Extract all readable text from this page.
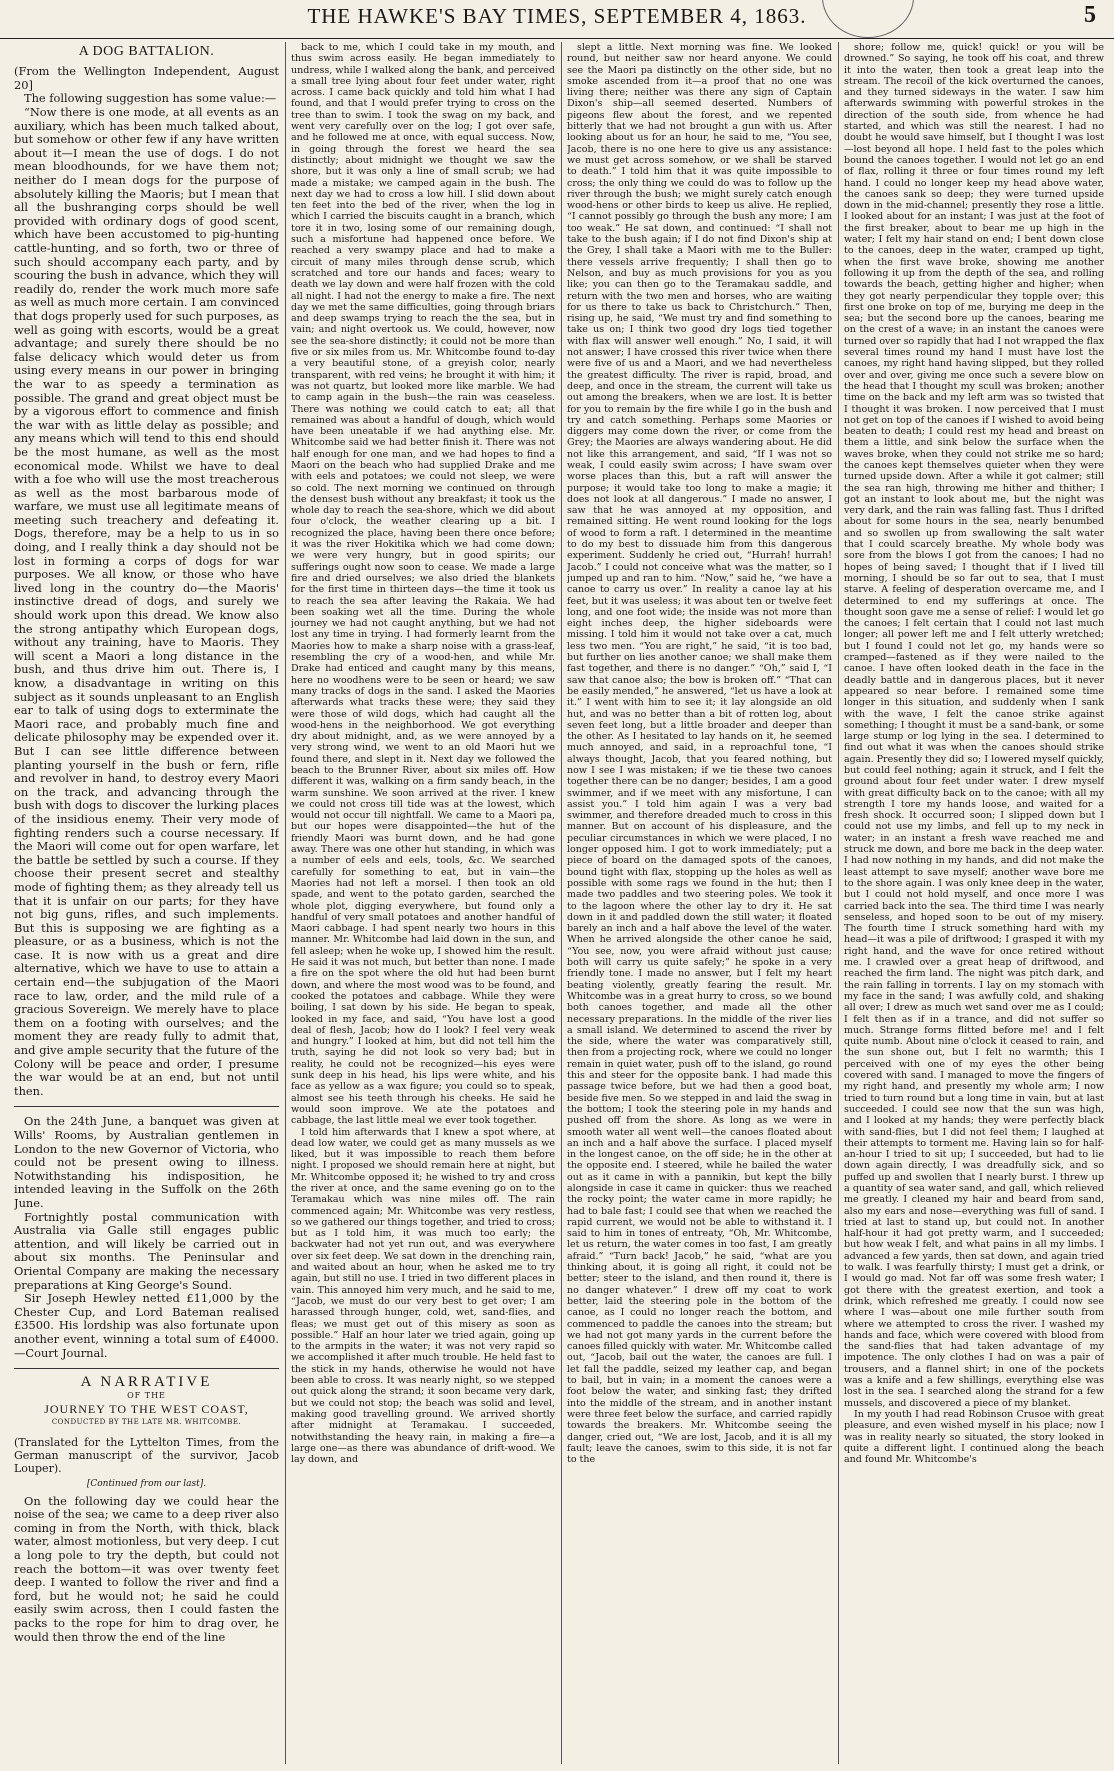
THE HAWKE'S BAY TIMES, SEPTEMBER 4, 1863.	5
A DOG BATTALION.

(From the Wellington Independent, August 20]

The following suggestion has some value:—

“Now there is one mode, at all events as an auxiliary, which has been much talked about, but somehow or other few if any have written about it—I mean the use of dogs. I do not mean bloodhounds, for we have them not; neither do I mean dogs for the purpose of absolutely killing the Maoris; but I mean that all the bushranging corps should be well provided with ordinary dogs of good scent, which have been accustomed to pig-hunting cattle-hunting, and so forth, two or three of such should accompany each party, and by scouring the bush in advance, which they will readily do, render the work much more safe as well as much more certain. I am convinced that dogs properly used for such purposes, as well as going with escorts, would be a great advantage; and surely there should be no false delicacy which would deter us from using every means in our power in bringing the war to as speedy a termination as possible. The grand and great object must be by a vigorous effort to commence and finish the war with as little delay as possible; and any means which will tend to this end should be the most humane, as well as the most economical mode. Whilst we have to deal with a foe who will use the most treacherous as well as the most barbarous mode of warfare, we must use all legitimate means of meeting such treachery and defeating it. Dogs, therefore, may be a help to us in so doing, and I really think a day should not be lost in forming a corps of dogs for war purposes. We all know, or those who have lived long in the country do—the Maoris' instinctive dread of dogs, and surely we should work upon this dread. We know also the strong antipathy which European dogs, without any training, have to Maoris. They will scent a Maori a long distance in the bush, and thus drive him out. There is, I know, a disadvantage in writing on this subject as it sounds unpleasant to an English ear to talk of using dogs to exterminate the Maori race, and probably much fine and delicate philosophy may be expended over it. But I can see little difference between planting yourself in the bush or fern, rifle and revolver in hand, to destroy every Maori on the track, and advancing through the bush with dogs to discover the lurking places of the insidious enemy. Their very mode of fighting renders such a course necessary. If the Maori will come out for open warfare, let the battle be settled by such a course. If they choose their present secret and stealthy mode of fighting them; as they already tell us that it is unfair on our parts; for they have not big guns, rifles, and such implements. But this is supposing we are fighting as a pleasure, or as a business, which is not the case. It is now with us a great and dire alternative, which we have to use to attain a certain end—the subjugation of the Maori race to law, order, and the mild rule of a gracious Sovereign. We merely have to place them on a footing with ourselves; and the moment they are ready fully to admit that, and give ample security that the future of the Colony will be peace and order, I presume the war would be at an end, but not until then.

On the 24th June, a banquet was given at Wills' Rooms, by Australian gentlemen in London to the new Governor of Victoria, who could not be present owing to illness. Notwithstanding his indisposition, he intended leaving in the Suffolk on the 26th June.

Fortnightly postal communication with Australia via Galle still engages public attention, and will likely be carried out in about six months. The Peninsular and Oriental Company are making the necessary preparations at King George's Sound.

Sir Joseph Hewley netted £11,000 by the Chester Cup, and Lord Bateman realised £3500. His lordship was also fortunate upon another event, winning a total sum of £4000.—Court Journal.

A NARRATIVE
OF THE
JOURNEY TO THE WEST COAST,
CONDUCTED BY THE LATE MR. WHITCOMBE.

(Translated for the Lyttelton Times, from the German manuscript of the survivor, Jacob Louper).

[Continued from our last].

On the following day we could hear the noise of the sea; we came to a deep river also coming in from the North, with thick, black water, almost motionless, but very deep. I cut a long pole to try the depth, but could not reach the bottom—it was over twenty feet deep. I wanted to follow the river and find a ford, but he would not; he said he could easily swim across, then I could fasten the packs to the rope for him to drag over, he would then throw the end of the line

back to me, which I could take in my mouth, and thus swim across easily. He began immediately to undress, while I walked along the bank, and perceived a small tree lying about four feet under water, right across. I came back quickly and told him what I had found, and that I would prefer trying to cross on the tree than to swim. I took the swag on my back, and went very carefully over on the log; I got over safe, and he followed me at once, with equal success. Now, in going through the forest we heard the sea distinctly; about midnight we thought we saw the shore, but it was only a line of small scrub; we had made a mistake; we camped again in the bush. The next day we had to cross a low hill. I slid down about ten feet into the bed of the river, when the log in which I carried the biscuits caught in a branch, which tore it in two, losing some of our remaining dough, such a misfortune had happened once before. We reached a very swampy place and had to make a circuit of many miles through dense scrub, which scratched and tore our hands and faces; weary to death we lay down and were half frozen with the cold all night. I had not the energy to make a fire. The next day we met the same difficulties, going through briars and deep swamps trying to reach the the sea, but in vain; and night overtook us. We could, however, now see the sea-shore distinctly; it could not be more than five or six miles from us. Mr. Whitcombe found to-day a very beautiful stone, of a greyish color, nearly transparent, with red veins; he brought it with him; it was not quartz, but looked more like marble. We had to camp again in the bush—the rain was ceaseless. There was nothing we could catch to eat; all that remained was about a handful of dough, which would have been uneatable if we had anything else. Mr. Whitcombe said we had better finish it. There was not half enough for one man, and we had hopes to find a Maori on the beach who had supplied Drake and me with eels and potatoes; we could not sleep, we were so cold. The next morning we continued on through the densest bush without any breakfast; it took us the whole day to reach the sea-shore, which we did about four o'clock, the weather clearing up a bit. I recognized the place, having been there once before; it was the river Hokitika which we had come down; we were very hungry, but in good spirits; our sufferings ought now soon to cease. We made a large fire and dried ourselves; we also dried the blankets for the first time in thirteen days—the time it took us to reach the sea after leaving the Rakaia. We had been soaking wet all the time. During the whole journey we had not caught anything, but we had not lost any time in trying. I had formerly learnt from the Maories how to make a sharp noise with a grass-leaf, resembling the cry of a wood-hen, and while Mr. Drake had enticed and caught many by this means, here no woodhens were to be seen or heard; we saw many tracks of dogs in the sand. I asked the Maories afterwards what tracks these were; they said they were those of wild dogs, which had caught all the wood-hens in the neighborhood. We got everything dry about midnight, and, as we were annoyed by a very strong wind, we went to an old Maori hut we found there, and slept in it. Next day we followed the beach to the Brunner River, about six miles off. How different it was, walking on a firm sandy beach, in the warm sunshine. We soon arrived at the river. I knew we could not cross till tide was at the lowest, which would not occur till nightfall. We came to a Maori pa, but our hopes were disappointed—the hut of the friendly Maori was burnt down, and he had gone away. There was one other hut standing, in which was a number of eels and eels, tools, &c. We searched carefully for something to eat, but in vain—the Maories had not left a morsel. I then took an old spade, and went to the potato garden, searched the whole plot, digging everywhere, but found only a handful of very small potatoes and another handful of Maori cabbage. I had spent nearly two hours in this manner. Mr. Whitcombe had laid down in the sun, and fell asleep; when he woke up, I showed him the result. He said it was not much, but better than none. I made a fire on the spot where the old hut had been burnt down, and where the most wood was to be found, and cooked the potatoes and cabbage. While they were boiling, I sat down by his side. He began to speak, looked in my face, and said, “You have lost a good deal of flesh, Jacob; how do I look? I feel very weak and hungry.” I looked at him, but did not tell him the truth, saying he did not look so very bad; but in reality, he could not be recognized—his eyes were sunk deep in his head, his lips were white, and his face as yellow as a wax figure; you could so to speak, almost see his teeth through his cheeks. He said he would soon improve. We ate the potatoes and cabbage, the last little meal we ever took together.

I told him afterwards that I knew a spot where, at dead low water, we could get as many mussels as we liked, but it was impossible to reach them before night. I proposed we should remain here at night, but Mr. Whitcombe opposed it; he wished to try and cross the river at once, and the same evening go on to the Teramakau which was nine miles off. The rain commenced again; Mr. Whitcombe was very restless, so we gathered our things together, and tried to cross; but as I told him, it was much too early; the backwater had not yet run out, and was everywhere over six feet deep. We sat down in the drenching rain, and waited about an hour, when he asked me to try again, but still no use. I tried in two different places in vain. This annoyed him very much, and he said to me, “Jacob, we must do our very best to get over; I am harassed through hunger, cold, wet, sand-flies, and fleas; we must get out of this misery as soon as possible.” Half an hour later we tried again, going up to the armpits in the water; it was not very rapid so we accomplished it after much trouble. He held fast to the stick in my hands, otherwise he would not have been able to cross. It was nearly night, so we stepped out quick along the strand; it soon became very dark, but we could not stop; the beach was solid and level, making good travelling ground. We arrived shortly after midnight at Teramakau. I succeeded, notwithstanding the heavy rain, in making a fire—a large one—as there was abundance of drift-wood. We lay down, and

slept a little. Next morning was fine. We looked round, but neither saw nor heard anyone. We could see the Maori pa distinctly on the other side, but no smoke ascended from it—a proof that no one was living there; neither was there any sign of Captain Dixon's ship—all seemed deserted. Numbers of pigeons flew about the forest, and we repented bitterly that we had not brought a gun with us. After looking about us for an hour, he said to me, “You see, Jacob, there is no one here to give us any assistance: we must get across somehow, or we shall be starved to death.” I told him that it was quite impossible to cross; the only thing we could do was to follow up the river through the bush; we might surely catch enough wood-hens or other birds to keep us alive. He replied, “I cannot possibly go through the bush any more; I am too weak.” He sat down, and continued: “I shall not take to the bush again; if I do not find Dixon's ship at the Grey, I shall take a Maori with me to the Buller: there vessels arrive frequently; I shall then go to Nelson, and buy as much provisions for you as you like; you can then go to the Teramakau saddle, and return with the two men and horses, who are waiting for us there to take us back to Christchurch.” Then, rising up, he said, “We must try and find something to take us on; I think two good dry logs tied together with flax will answer well enough.” No, I said, it will not answer; I have crossed this river twice when there were five of us and a Maori, and we had nevertheless the greatest difficulty. The river is rapid, broad, and deep, and once in the stream, the current will take us out among the breakers, when we are lost. It is better for you to remain by the fire while I go in the bush and try and catch something. Perhaps some Maories or diggers may come down the river, or come from the Grey; the Maories are always wandering about. He did not like this arrangement, and said, “If I was not so weak, I could easily swim across; I have swam over worse places than this, but a raft will answer the purpose; it would take too long to make a magie; it does not look at all dangerous.” I made no answer, I saw that he was annoyed at my opposition, and remained sitting. He went round looking for the logs of wood to form a raft. I determined in the meantime to do my best to dissuade him from this dangerous experiment. Suddenly he cried out, “Hurrah! hurrah! Jacob.” I could not conceive what was the matter, so I jumped up and ran to him. “Now,” said he, “we have a canoe to carry us over.” In reality a canoe lay at his feet, but it was useless; it was about ten or twelve feet long, and one foot wide; the inside was not more than eight inches deep, the higher sideboards were missing. I told him it would not take over a cat, much less two men. “You are right,” he said, “it is too bad, but further on lies another canoe; we shall make them fast together, and there is no danger.” “Oh,” said I, “I saw that canoe also; the bow is broken off.” “That can be easily mended,” he answered, “let us have a look at it.” I went with him to see it; it lay alongside an old hut, and was no better than a bit of rotten log, about seven feet long, but a little broader and deeper than the other. As I hesitated to lay hands on it, he seemed much annoyed, and said, in a reproachful tone, “I always thought, Jacob, that you feared nothing, but now I see I was mistaken; if we tie these two canoes together there can be no danger; besides, I am a good swimmer, and if we meet with any misfortune, I can assist you.” I told him again I was a very bad swimmer, and therefore dreaded much to cross in this manner. But on account of his displeasure, and the peculiar circumstances in which we were placed, I no longer opposed him. I got to work immediately; put a piece of board on the damaged spots of the canoes, bound tight with flax, stopping up the holes as well as possible with some rags we found in the hut; then I made two paddles and two steering poles. We took it to the lagoon where the other lay to dry it. He sat down in it and paddled down the still water; it floated barely an inch and a half above the level of the water. When he arrived alongside the other canoe he said, “You see, now, you were afraid without just cause; both will carry us quite safely;” he spoke in a very friendly tone. I made no answer, but I felt my heart beating violently, greatly fearing the result. Mr. Whitcombe was in a great hurry to cross, so we bound both canoes together, and made all the other necessary preparations. In the middle of the river lies a small island. We determined to ascend the river by the side, where the water was comparatively still, then from a projecting rock, where we could no longer remain in quiet water, push off to the island, go round this and steer for the opposite bank. I had made this passage twice before, but we had then a good boat, beside five men. So we stepped in and laid the swag in the bottom; I took the steering pole in my hands and pushed off from the shore. As long as we were in smooth water all went well—the canoes floated about an inch and a half above the surface. I placed myself in the longest canoe, on the off side; he in the other at the opposite end. I steered, while he bailed the water out as it came in with a pannikin, but kept the billy alongside in case it came in quicker: thus we reached the rocky point; the water came in more rapidly; he had to bale fast; I could see that when we reached the rapid current, we would not be able to withstand it. I said to him in tones of entreaty, “Oh, Mr. Whitcombe, let us return, the water comes in too fast, I am greatly afraid.” “Turn back! Jacob,” he said, “what are you thinking about, it is going all right, it could not be better; steer to the island, and then round it, there is no danger whatever.” I drew off my coat to work better, laid the steering pole in the bottom of the canoe, as I could no longer reach the bottom, and commenced to paddle the canoes into the stream; but we had not got many yards in the current before the canoes filled quickly with water. Mr. Whitcombe called out, “Jacob, bail out the water, the canoes are full. I let fall the paddle, seized my leather cap, and began to bail, but in vain; in a moment the canoes were a foot below the water, and sinking fast; they drifted into the middle of the stream, and in another instant were three feet below the surface, and carried rapidly towards the breakers. Mr. Whitcombe seeing the danger, cried out, “We are lost, Jacob, and it is all my fault; leave the canoes, swim to this side, it is not far to the

shore; follow me, quick! quick! or you will be drowned.” So saying, he took off his coat, and threw it into the water, then took a great leap into the stream. The recoil of the kick overturned the canoes, and they turned sideways in the water. I saw him afterwards swimming with powerful strokes in the direction of the south side, from whence he had started, and which was still the nearest. I had no doubt he would save himself, but I thought I was lost—lost beyond all hope. I held fast to the poles which bound the canoes together. I would not let go an end of flax, rolling it three or four times round my left hand. I could no longer keep my head above water, the canoes sank so deep; they were turned upside down in the mid-channel; presently they rose a little. I looked about for an instant; I was just at the foot of the first breaker, about to bear me up high in the water; I felt my hair stand on end; I bent down close to the canoes, deep in the water, cramped up tight, when the first wave broke, showing me another following it up from the depth of the sea, and rolling towards the beach, getting higher and higher; when they got nearly perpendicular they topple over; this first one broke on top of me, burying me deep in the sea; but the second bore up the canoes, bearing me on the crest of a wave; in an instant the canoes were turned over so rapidly that had I not wrapped the flax several times round my hand I must have lost the canoes, my right hand having slipped, but they rolled over and over, giving me once such a severe blow on the head that I thought my scull was broken; another time on the back and my left arm was so twisted that I thought it was broken. I now perceived that I must not get on top of the canoes if I wished to avoid being beaten to death; I could rest my head and breast on them a little, and sink below the surface when the waves broke, when they could not strike me so hard; the canoes kept themselves quieter when they were turned upside down. After a while it got calmer; still the sea ran high, throwing me hither and thither; I got an instant to look about me, but the night was very dark, and the rain was falling fast. Thus I drifted about for some hours in the sea, nearly benumbed and so swollen up from swallowing the salt water that I could scarcely breathe. My whole body was sore from the blows I got from the canoes; I had no hopes of being saved; I thought that if I lived till morning, I should be so far out to sea, that I must starve. A feeling of desperation overcame me, and I determined to end my sufferings at once. The thought soon gave me a sense of relief: I would let go the canoes; I felt certain that I could not last much longer; all power left me and I felt utterly wretched; but I found I could not let go, my hands were so cramped—fastened as if they were nailed to the canoe. I have often looked death in the face in the deadly battle and in dangerous places, but it never appeared so near before. I remained some time longer in this situation, and suddenly when I sank with the wave, I felt the canoe strike against something; I thought it must be a sand-bank, or some large stump or log lying in the sea. I determined to find out what it was when the canoes should strike again. Presently they did so; I lowered myself quickly, but could feel nothing; again it struck, and I felt the ground about four feet under water. I drew myself with great difficulty back on to the canoe; with all my strength I tore my hands loose, and waited for a fresh shock. It occurred soon; I slipped down but I could not use my limbs, and fell up to my neck in water; in an instant a fresh wave reached me and struck me down, and bore me back in the deep water. I had now nothing in my hands, and did not make the least attempt to save myself; another wave bore me to the shore again. I was only knee deep in the water, but I could not hold myself, and once more I was carried back into the sea. The third time I was nearly senseless, and hoped soon to be out of my misery. The fourth time I struck something hard with my head—it was a pile of driftwood; I grasped it with my right hand, and the wave for once retired without me. I crawled over a great heap of driftwood, and reached the firm land. The night was pitch dark, and the rain falling in torrents. I lay on my stomach with my face in the sand; I was awfully cold, and shaking all over; I drew as much wet sand over me as I could; I felt then as if in a trance, and did not suffer so much. Strange forms flitted before me! and I felt quite numb. About nine o'clock it ceased to rain, and the sun shone out, but I felt no warmth; this I perceived with one of my eyes the other being covered with sand. I managed to move the fingers of my right hand, and presently my whole arm; I now tried to turn round but a long time in vain, but at last succeeded. I could see now that the sun was high, and I looked at my hands; they were perfectly black with sand-flies, but I did not feel them; I laughed at their attempts to torment me. Having lain so for half-an-hour I tried to sit up; I succeeded, but had to lie down again directly, I was dreadfully sick, and so puffed up and swollen that I nearly burst. I threw up a quantity of sea water sand, and gall, which relieved me greatly. I cleaned my hair and beard from sand, also my ears and nose—everything was full of sand. I tried at last to stand up, but could not. In another half-hour it had got pretty warm, and I succeeded; but how weak I felt, and what pains in all my limbs. I advanced a few yards, then sat down, and again tried to walk. I was fearfully thirsty; I must get a drink, or I would go mad. Not far off was some fresh water; I got there with the greatest exertion, and took a drink, which refreshed me greatly. I could now see where I was—about one mile further south from where we attempted to cross the river. I washed my hands and face, which were covered with blood from the sand-flies that had taken advantage of my impotence. The only clothes I had on was a pair of trousers, and a flannel shirt; in one of the pockets was a knife and a few shillings, everything else was lost in the sea. I searched along the strand for a few mussels, and discovered a piece of my blanket.

In my youth I had read Robinson Crusoe with great pleasure, and even wished myself in his place; now I was in reality nearly so situated, the story looked in quite a different light. I continued along the beach and found Mr. Whitcombe's
